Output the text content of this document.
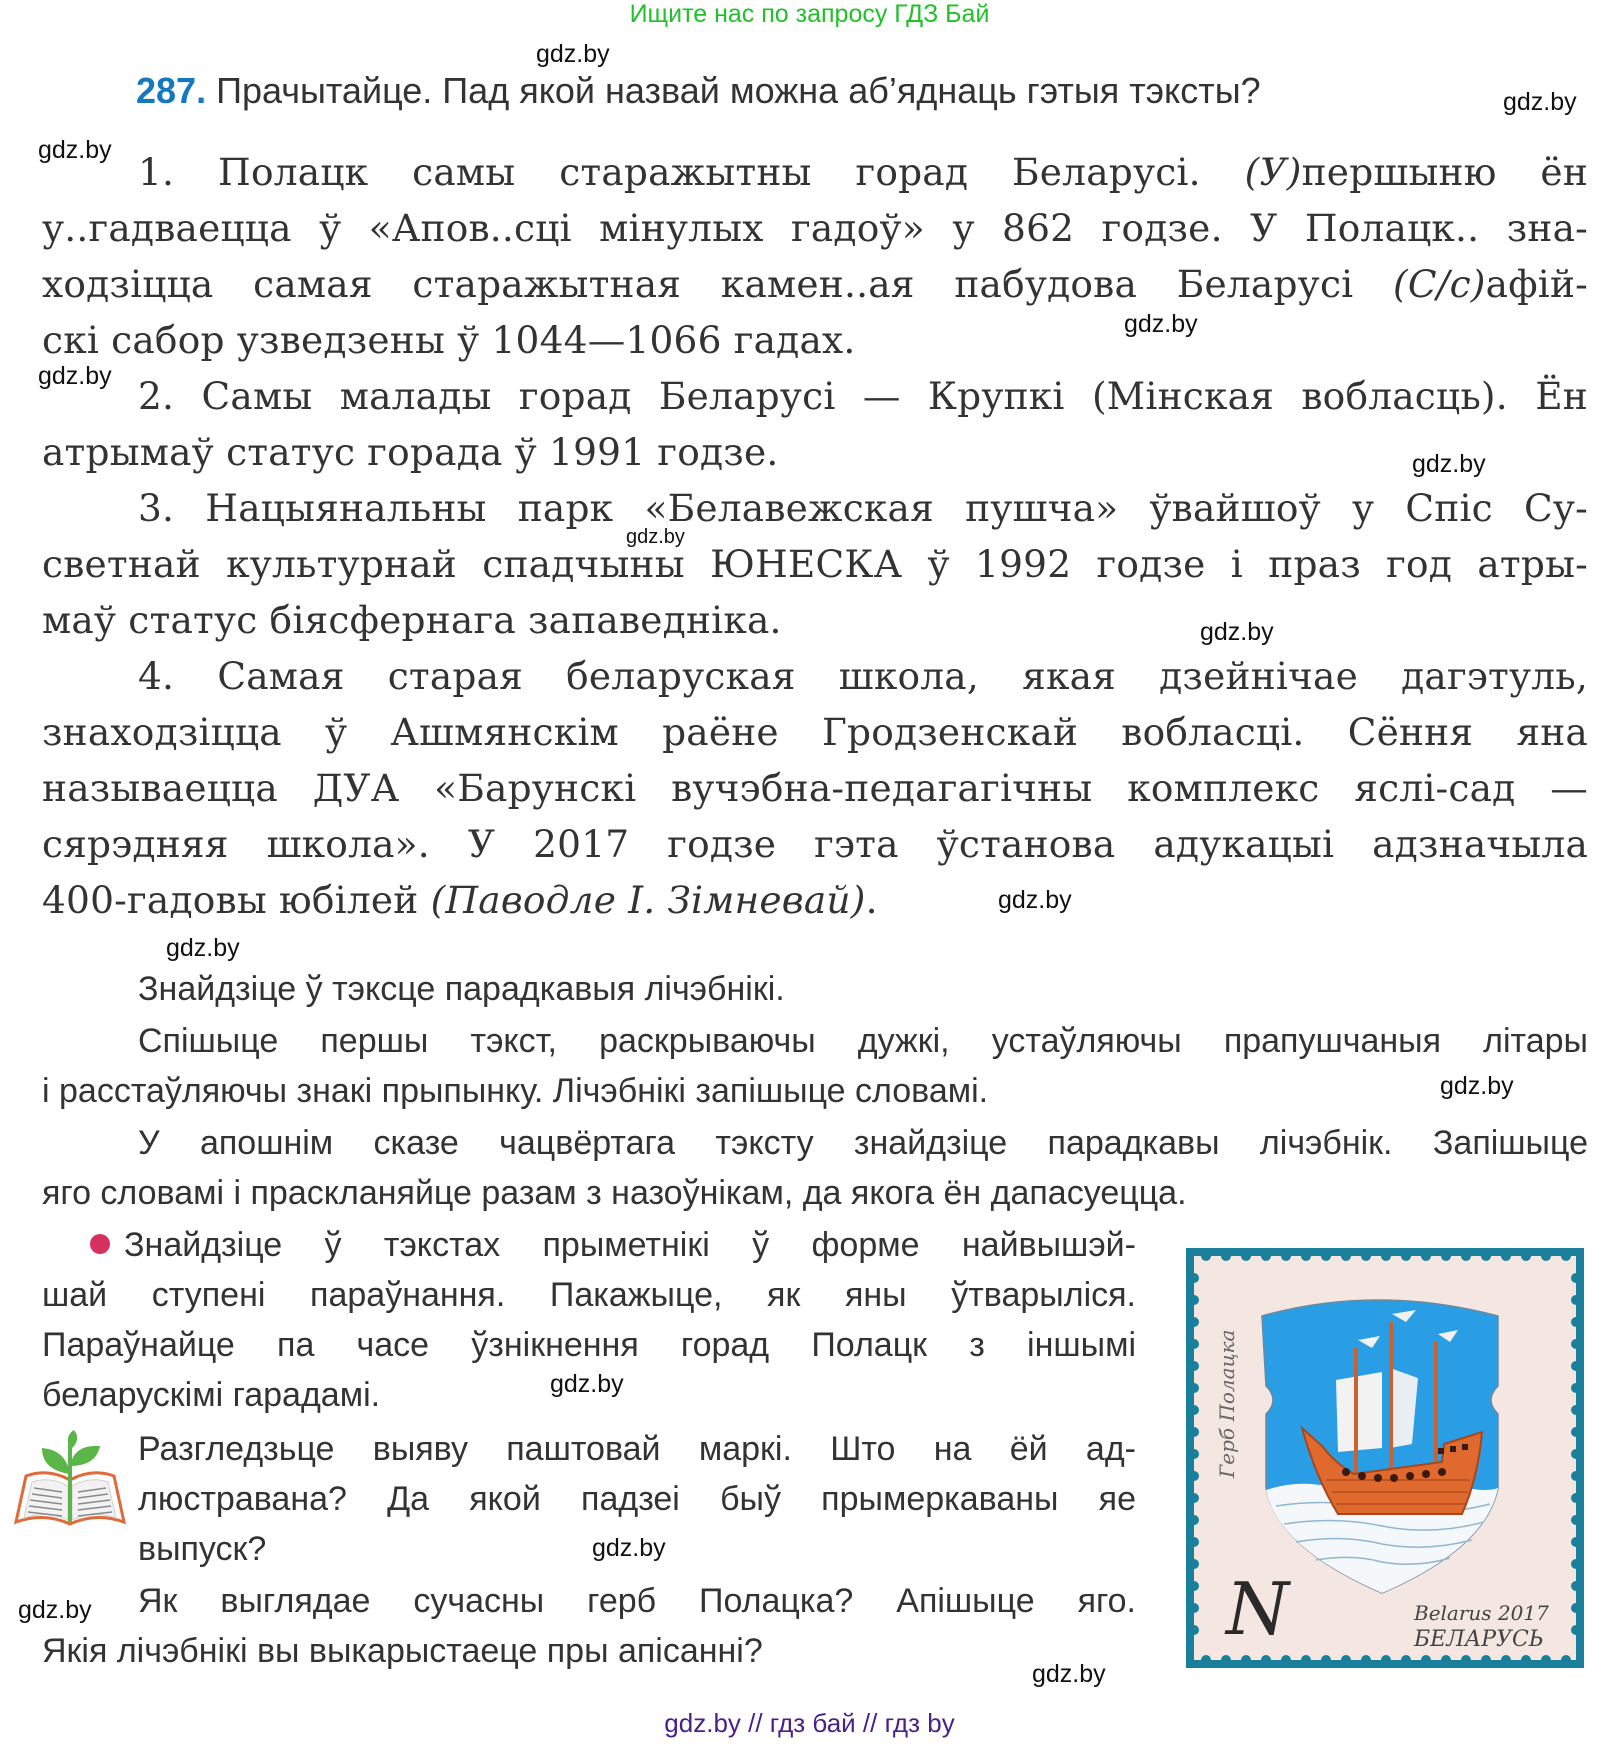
Ищите нас по запросу ГДЗ Бай
gdz.by
gdz.by
gdz.by
gdz.by
gdz.by
gdz.by
gdz.by
gdz.by
gdz.by
gdz.by
gdz.by
gdz.by
gdz.by
gdz.by
gdz.by
287. Прачытайце. Пад якой назвай можна аб’яднаць гэтыя тэксты?
1. Полацк самы старажытны горад Беларусі. (У)першыню ён
у..гадваецца ў «Апов..сці мінулых гадоў» у 862 годзе. У Полацк.. зна-
ходзіцца самая старажытная камен..ая пабудова Беларусі (С/с)афій-
скі сабор узведзены ў 1044—1066 гадах.
2. Самы малады горад Беларусі — Крупкі (Мінская вобласць). Ён
атрымаў статус горада ў 1991 годзе.
3. Нацыянальны парк «Белавежская пушча» ўвайшоў у Спіс Су-
светнай культурнай спадчыны ЮНЕСКА ў 1992 годзе і праз год атры-
маў статус біясфернага запаведніка.
4. Самая старая беларуская школа, якая дзейнічае дагэтуль,
знаходзіцца ў Ашмянскім раёне Гродзенскай вобласці. Сёння яна
называецца ДУА «Барунскі вучэбна-педагагічны комплекс яслі-сад —
сярэдняя школа». У 2017 годзе гэта ўстанова адукацыі адзначыла
400-гадовы юбілей (Паводле І. Зімневай).
Знайдзіце ў тэксце парадкавыя лічэбнікі.
Спішыце першы тэкст, раскрываючы дужкі, устаўляючы прапушчаныя літары
і расстаўляючы знакі прыпынку. Лічэбнікі запішыце словамі.
У апошнім сказе чацвёртага тэксту знайдзіце парадкавы лічэбнік. Запішыце
яго словамі і праскланяйце разам з назоўнікам, да якога ён дапасуецца.
Знайдзіце ў тэкстах прыметнікі ў форме найвышэй-
шай ступені параўнання. Пакажыце, як яны ўтварыліся.
Параўнайце па часе ўзнікнення горад Полацк з іншымі
беларускімі гарадамі.
Разгледзьце выяву паштовай маркі. Што на ёй ад-
люстравана? Да якой падзеі быў прымеркаваны яе
выпуск?
Як выглядае сучасны герб Полацка? Апішыце яго.
Якія лічэбнікі вы выкарыстаеце пры апісанні?
Герб Полацка
N	Belarus 2017
БЕЛАРУСЬ
gdz.by // гдз бай // гдз by
